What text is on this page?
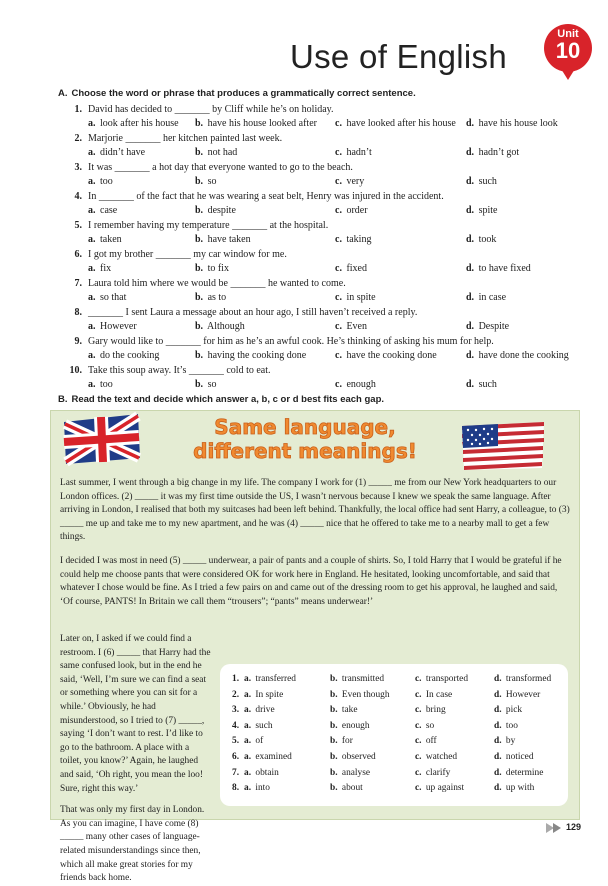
Use of English
Unit
10
A. Choose the word or phrase that produces a grammatically correct sentence.
1. David has decided to _______ by Cliff while he’s on holiday.
a. look after his house b. have his house looked after c. have looked after his house d. have his house look
2. Marjorie _______ her kitchen painted last week.
a. didn’t have	b. not had	c. hadn’t	d. hadn’t got
3. It was _______ a hot day that everyone wanted to go to the beach.
a. too	b. so	c. very	d. such
4. In _______ of the fact that he was wearing a seat belt, Henry was injured in the accident.
a. case	b. despite	c. order	d. spite
5. I remember having my temperature _______ at the hospital.
a. taken	b. have taken	c. taking	d. took
6. I got my brother _______ my car window for me.
a. fix	b. to fix	c. fixed	d. to have fixed
7. Laura told him where we would be _______ he wanted to come.
a. so that	b. as to	c. in spite	d. in case
8. _______ I sent Laura a message about an hour ago, I still haven’t received a reply.
a. However	b. Although	c. Even	d. Despite
9. Gary would like to _______ for him as he’s an awful cook. He’s thinking of asking his mum for help.
a. do the cooking	b. having the cooking done	c. have the cooking done	d. have done the cooking
10. Take this soup away. It’s _______ cold to eat.
a. too	b. so	c. enough	d. such
B. Read the text and decide which answer a, b, c or d best fits each gap.
Same language,
different meanings!
Last summer, I went through a big change in my life. The company I work for (1) _____ me from our New York headquarters to our London offices. (2) _____ it was my first time outside the US, I wasn’t nervous because I knew we speak the same language. After arriving in London, I realised that both my suitcases had been left behind. Thankfully, the local office had sent Harry, a colleague, to (3) _____ me up and take me to my new apartment, and he was (4) _____ nice that he offered to take me to a nearby mall to get a few things.
I decided I was most in need (5) _____ underwear, a pair of pants and a couple of shirts. So, I told Harry that I would be grateful if he could help me choose pants that were considered OK for work here in England. He hesitated, looking uncomfortable, and said that whatever I chose would be fine. As I tried a few pairs on and came out of the dressing room to get his approval, he laughed and said, ‘Of course, PANTS! In Britain we call them “trousers”; “pants” means underwear!’
Later on, I asked if we could find a restroom. I (6) _____ that Harry had the same confused look, but in the end he said, ‘Well, I’m sure we can find a seat or something where you can sit for a while.’ Obviously, he had misunderstood, so I tried to (7) _____, saying ‘I don’t want to rest. I’d like to go to the bathroom. A place with a toilet, you know?’ Again, he laughed and said, ‘Oh right, you mean the loo! Sure, right this way.’
That was only my first day in London. As you can imagine, I have come (8) _____ many other cases of language-related misunderstandings since then, which all make great stories for my friends back home.
1. a. transferred	b. transmitted	c. transported	d. transformed
2. a. In spite	b. Even though	c. In case	d. However
3. a. drive	b. take	c. bring	d. pick
4. a. such	b. enough	c. so	d. too
5. a. of	b. for	c. off	d. by
6. a. examined	b. observed	c. watched	d. noticed
7. a. obtain	b. analyse	c. clarify	d. determine
8. a. into	b. about	c. up against	d. up with
129
